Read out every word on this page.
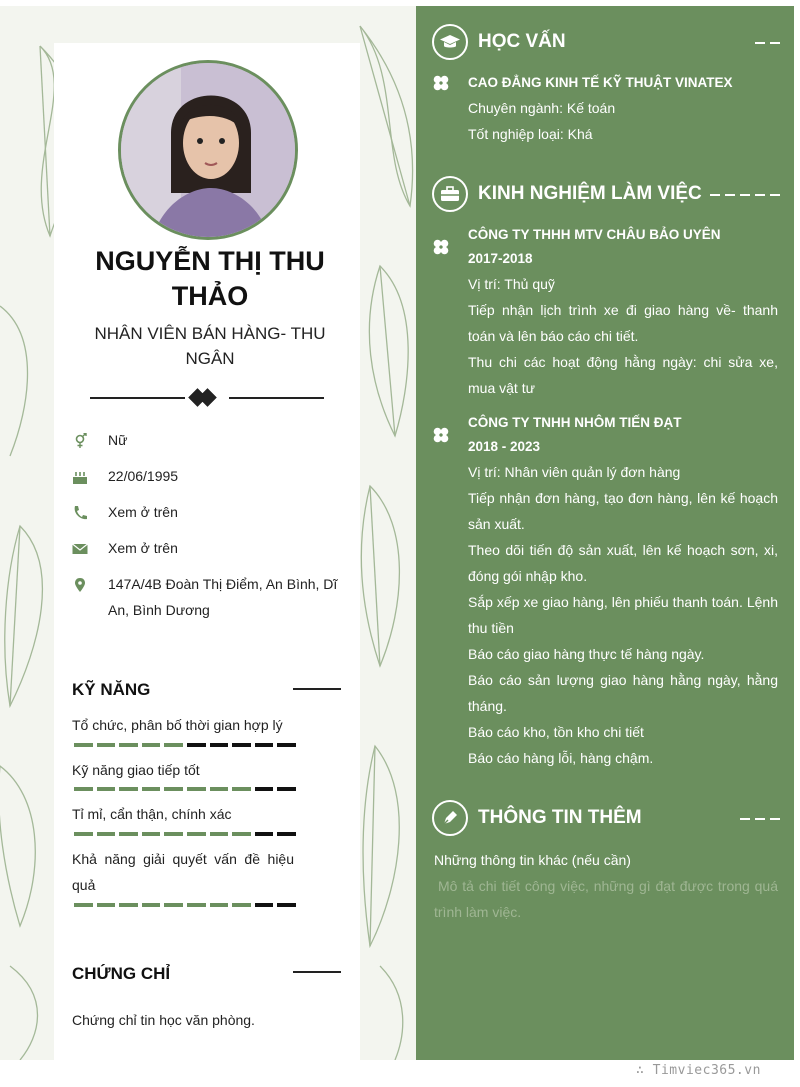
NGUYỄN THỊ THU THẢO
NHÂN VIÊN BÁN HÀNG- THU NGÂN
Nữ
22/06/1995
Xem ở trên
Xem ở trên
147A/4B Đoàn Thị Điểm, An Bình, Dĩ An, Bình Dương
KỸ NĂNG
Tổ chức, phân bố thời gian hợp lý
Kỹ năng giao tiếp tốt
Tỉ mỉ, cẩn thận, chính xác
Khả năng giải quyết vấn đề hiệu quả
CHỨNG CHỈ
Chứng chỉ tin học văn phòng.
HỌC VẤN
CAO ĐẲNG KINH TẾ KỸ THUẬT VINATEX
Chuyên ngành: Kế toán
Tốt nghiệp loại: Khá
KINH NGHIỆM LÀM VIỆC
CÔNG TY THHH MTV CHÂU BẢO UYÊN
2017-2018
Vị trí: Thủ quỹ
Tiếp nhận lịch trình xe đi giao hàng về- thanh toán và lên báo cáo chi tiết.
Thu chi các hoạt động hằng ngày: chi sửa xe, mua vật tư
CÔNG TY TNHH NHÔM TIẾN ĐẠT
2018 - 2023
Vị trí: Nhân viên quản lý đơn hàng
Tiếp nhận đơn hàng, tạo đơn hàng, lên kế hoạch sản xuất.
Theo dõi tiến độ sản xuất, lên kế hoạch sơn, xi, đóng gói nhập kho.
Sắp xếp xe giao hàng, lên phiếu thanh toán. Lệnh thu tiền
Báo cáo giao hàng thực tế hàng ngày.
Báo cáo sản lượng giao hàng hằng ngày, hằng tháng.
Báo cáo kho, tồn kho chi tiết
Báo cáo hàng lỗi, hàng chậm.
THÔNG TIN THÊM
Những thông tin khác (nếu cần)
Mô tả chi tiết công việc, những gì đạt được trong quá trình làm việc.
∴ Timviec365.vn
